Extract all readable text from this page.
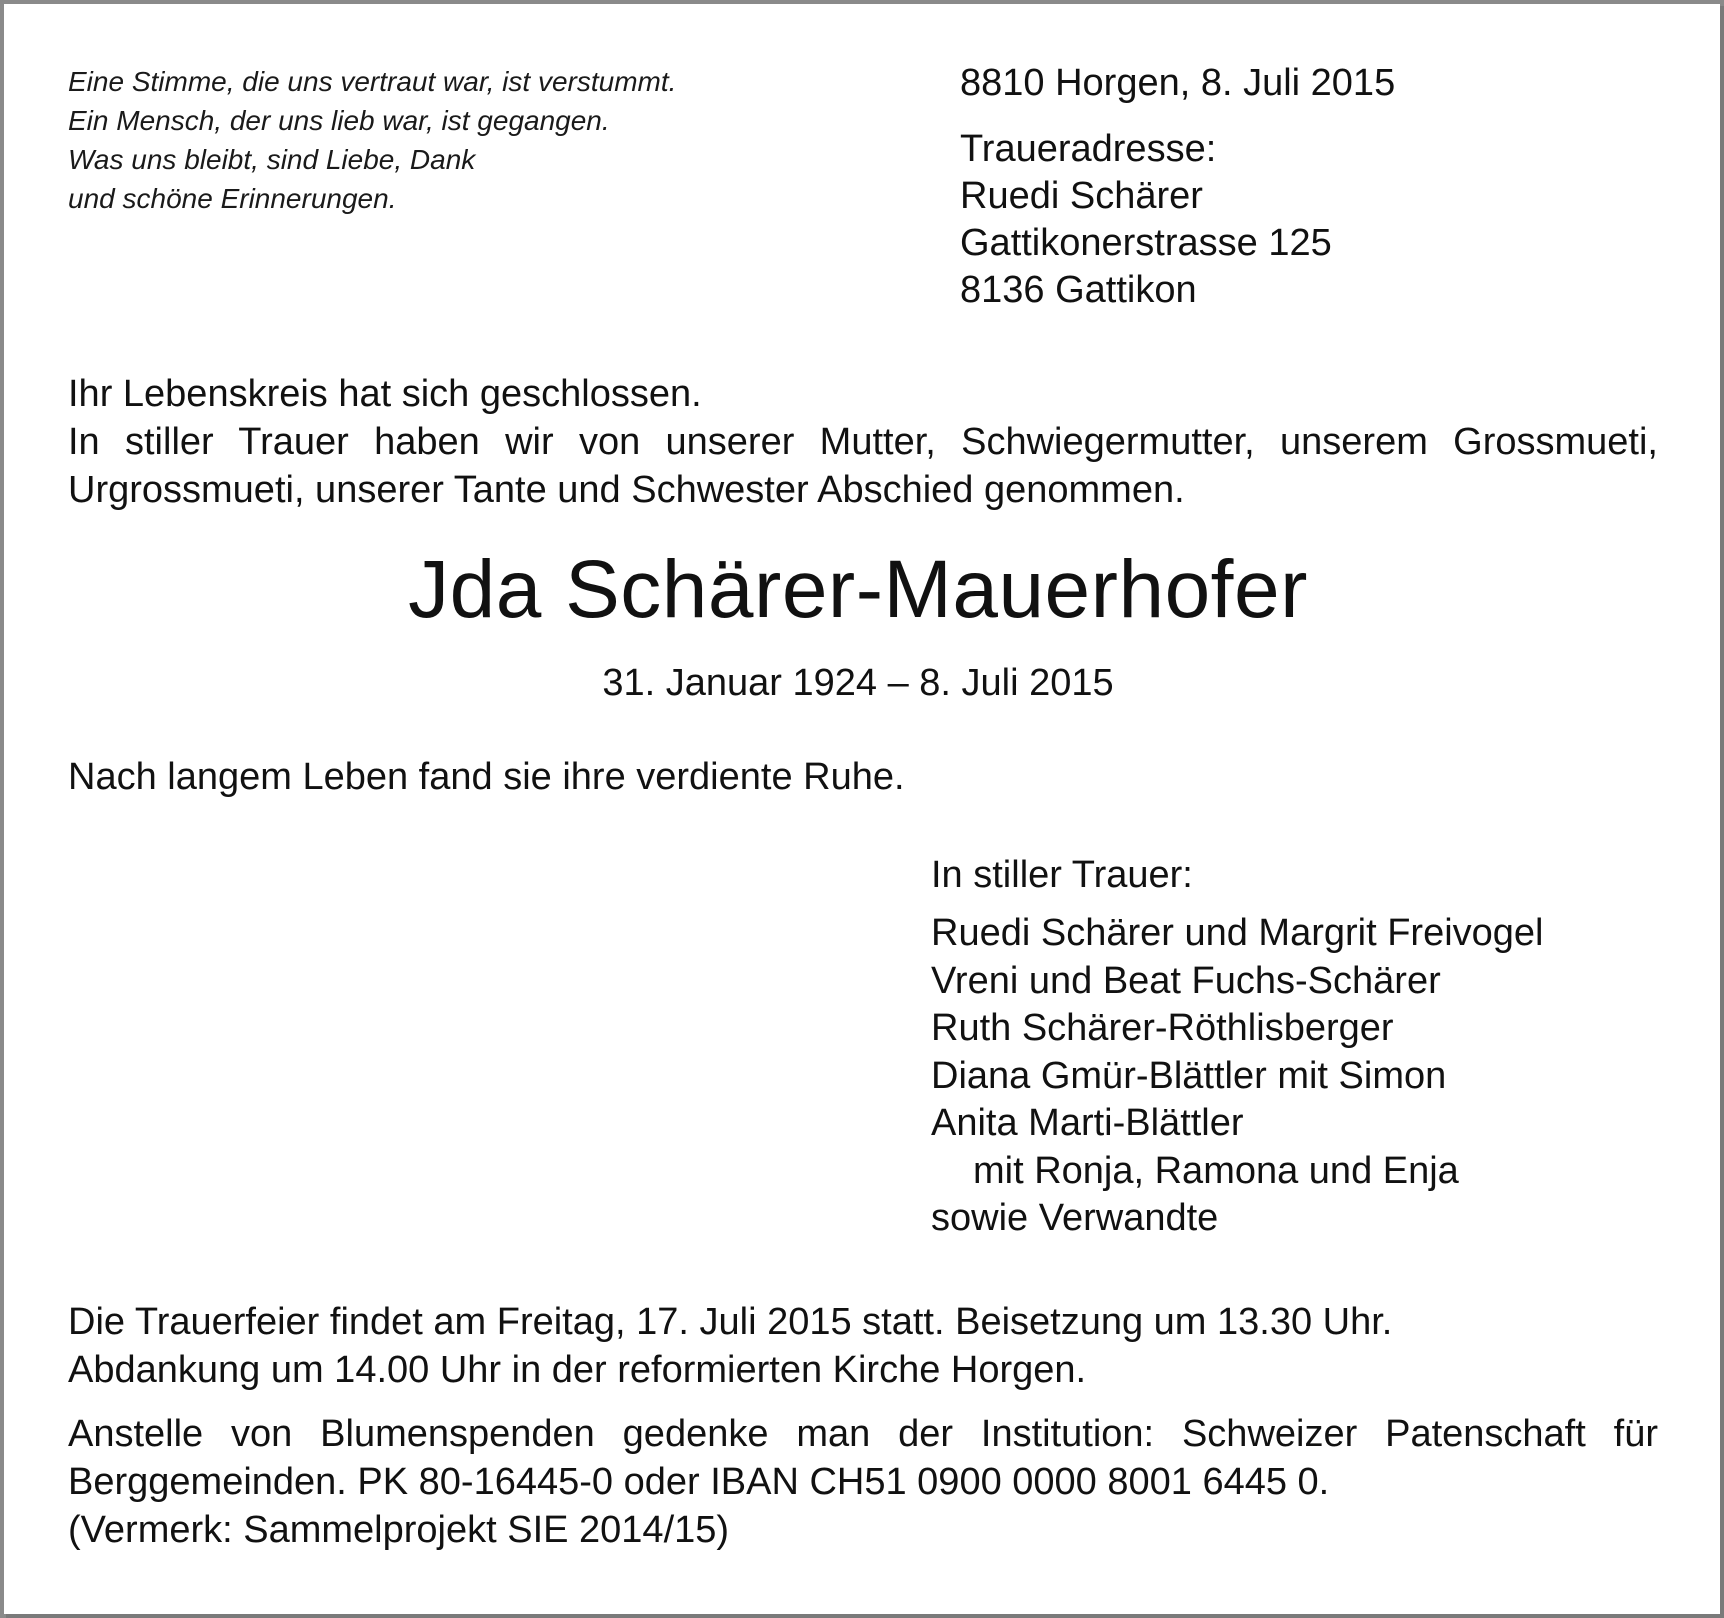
Eine Stimme, die uns vertraut war, ist verstummt.
Ein Mensch, der uns lieb war, ist gegangen.
Was uns bleibt, sind Liebe, Dank
und schöne Erinnerungen.
8810 Horgen, 8. Juli 2015
Traueradresse:
Ruedi Schärer
Gattikonerstrasse 125
8136 Gattikon
Ihr Lebenskreis hat sich geschlossen.
In stiller Trauer haben wir von unserer Mutter, Schwiegermutter, unserem Grossmueti,
Urgrossmueti, unserer Tante und Schwester Abschied genommen.
Jda Schärer-Mauerhofer
31. Januar 1924 – 8. Juli 2015
Nach langem Leben fand sie ihre verdiente Ruhe.
In stiller Trauer:
Ruedi Schärer und Margrit Freivogel
Vreni und Beat Fuchs-Schärer
Ruth Schärer-Röthlisberger
Diana Gmür-Blättler mit Simon
Anita Marti-Blättler
mit Ronja, Ramona und Enja
sowie Verwandte
Die Trauerfeier findet am Freitag, 17. Juli 2015 statt. Beisetzung um 13.30 Uhr.
Abdankung um 14.00 Uhr in der reformierten Kirche Horgen.
Anstelle von Blumenspenden gedenke man der Institution: Schweizer Patenschaft für
Berggemeinden. PK 80-16445-0 oder IBAN CH51 0900 0000 8001 6445 0.
(Vermerk: Sammelprojekt SIE 2014/15)
